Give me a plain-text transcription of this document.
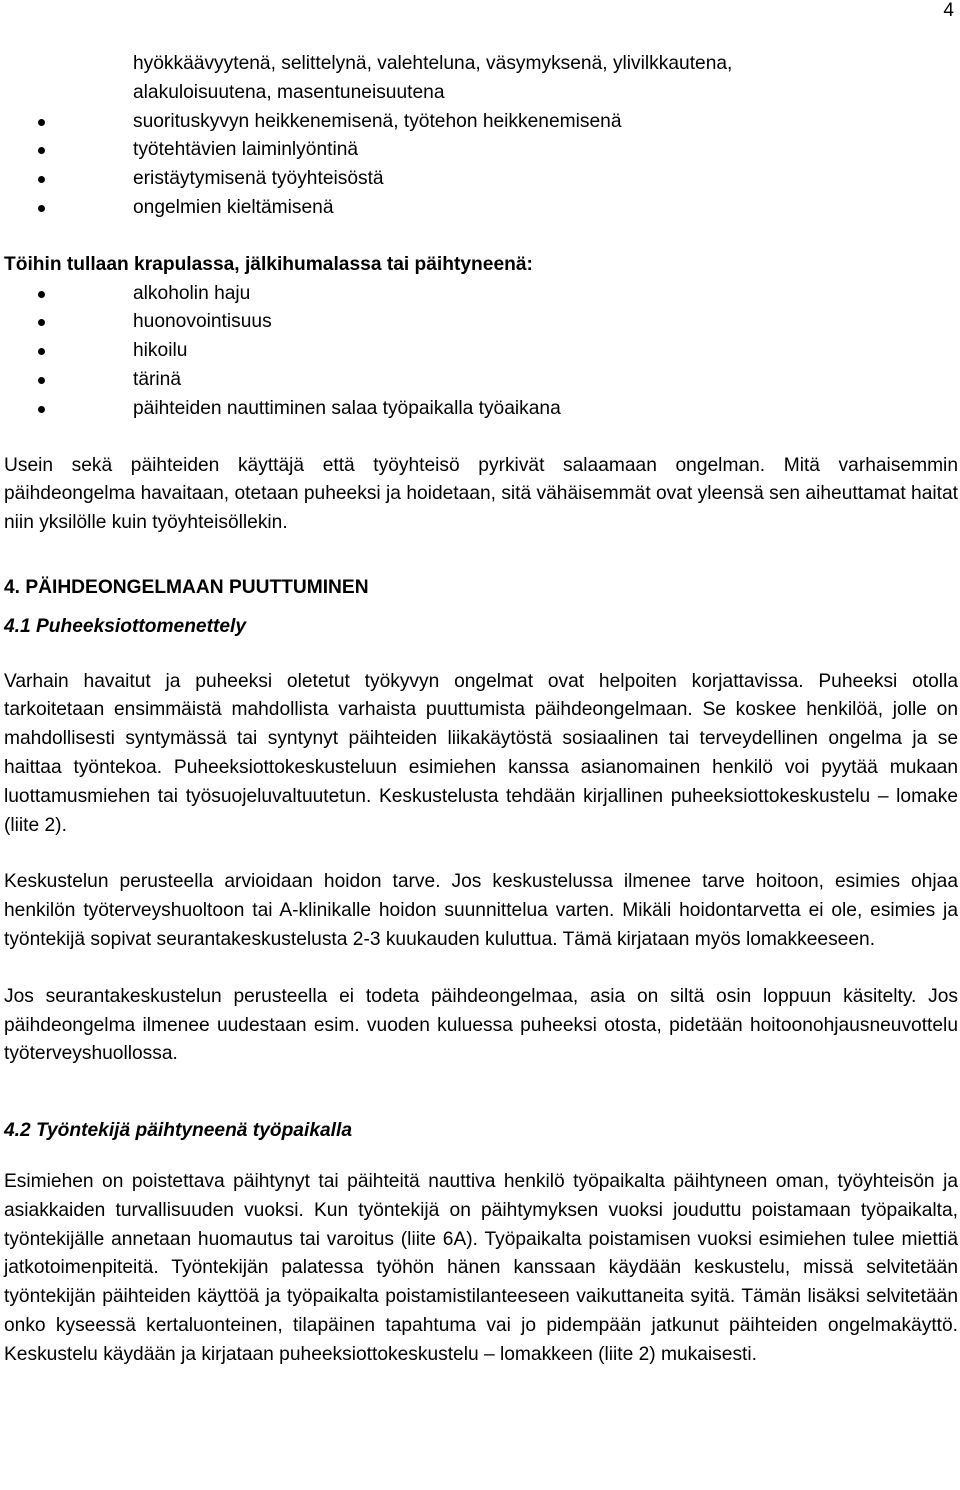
4
hyökkäävyytenä, selittelynä, valehteluna, väsymyksenä, ylivilkkautena,
alakuloisuutena, masentuneisuutena
suorituskyvyn heikkenemisenä, työtehon heikkenemisenä
työtehtävien laiminlyöntinä
eristäytymisenä työyhteisöstä
ongelmien kieltämisenä
Töihin tullaan krapulassa, jälkihumalassa tai päihtyneenä:
alkoholin haju
huonovointisuus
hikoilu
tärinä
päihteiden nauttiminen salaa työpaikalla työaikana

Usein sekä päihteiden käyttäjä että työyhteisö pyrkivät salaamaan ongelman. Mitä varhaisemmin päihdeongelma havaitaan, otetaan puheeksi ja hoidetaan, sitä vähäisemmät ovat yleensä sen aiheuttamat haitat niin yksilölle kuin työyhteisöllekin.

4. PÄIHDEONGELMAAN PUUTTUMINEN
4.1 Puheeksiottomenettely

Varhain havaitut ja puheeksi oletetut työkyvyn ongelmat ovat helpoiten korjattavissa. Puheeksi otolla tarkoitetaan ensimmäistä mahdollista varhaista puuttumista päihdeongelmaan. Se koskee henkilöä, jolle on mahdollisesti syntymässä tai syntynyt päihteiden liikakäytöstä sosiaalinen tai terveydellinen ongelma ja se haittaa työntekoa. Puheeksiottokeskusteluun esimiehen kanssa asianomainen henkilö voi pyytää mukaan luottamusmiehen tai työsuojeluvaltuutetun. Keskustelusta tehdään kirjallinen puheeksiottokeskustelu – lomake (liite 2).

Keskustelun perusteella arvioidaan hoidon tarve. Jos keskustelussa ilmenee tarve hoitoon, esimies ohjaa henkilön työterveyshuoltoon tai A-klinikalle hoidon suunnittelua varten. Mikäli hoidontarvetta ei ole, esimies ja työntekijä sopivat seurantakeskustelusta 2-3 kuukauden kuluttua. Tämä kirjataan myös lomakkeeseen.

Jos seurantakeskustelun perusteella ei todeta päihdeongelmaa, asia on siltä osin loppuun käsitelty. Jos päihdeongelma ilmenee uudestaan esim. vuoden kuluessa puheeksi otosta, pidetään hoitoonohjausneuvottelu työterveyshuollossa.

4.2 Työntekijä päihtyneenä työpaikalla

Esimiehen on poistettava päihtynyt tai päihteitä nauttiva henkilö työpaikalta päihtyneen oman, työyhteisön ja asiakkaiden turvallisuuden vuoksi. Kun työntekijä on päihtymyksen vuoksi jouduttu poistamaan työpaikalta, työntekijälle annetaan huomautus tai varoitus (liite 6A). Työpaikalta poistamisen vuoksi esimiehen tulee miettiä jatkotoimenpiteitä. Työntekijän palatessa työhön hänen kanssaan käydään keskustelu, missä selvitetään työntekijän päihteiden käyttöä ja työpaikalta poistamistilanteeseen vaikuttaneita syitä. Tämän lisäksi selvitetään onko kyseessä kertaluonteinen, tilapäinen tapahtuma vai jo pidempään jatkunut päihteiden ongelmakäyttö. Keskustelu käydään ja kirjataan puheeksiottokeskustelu – lomakkeen (liite 2) mukaisesti.
